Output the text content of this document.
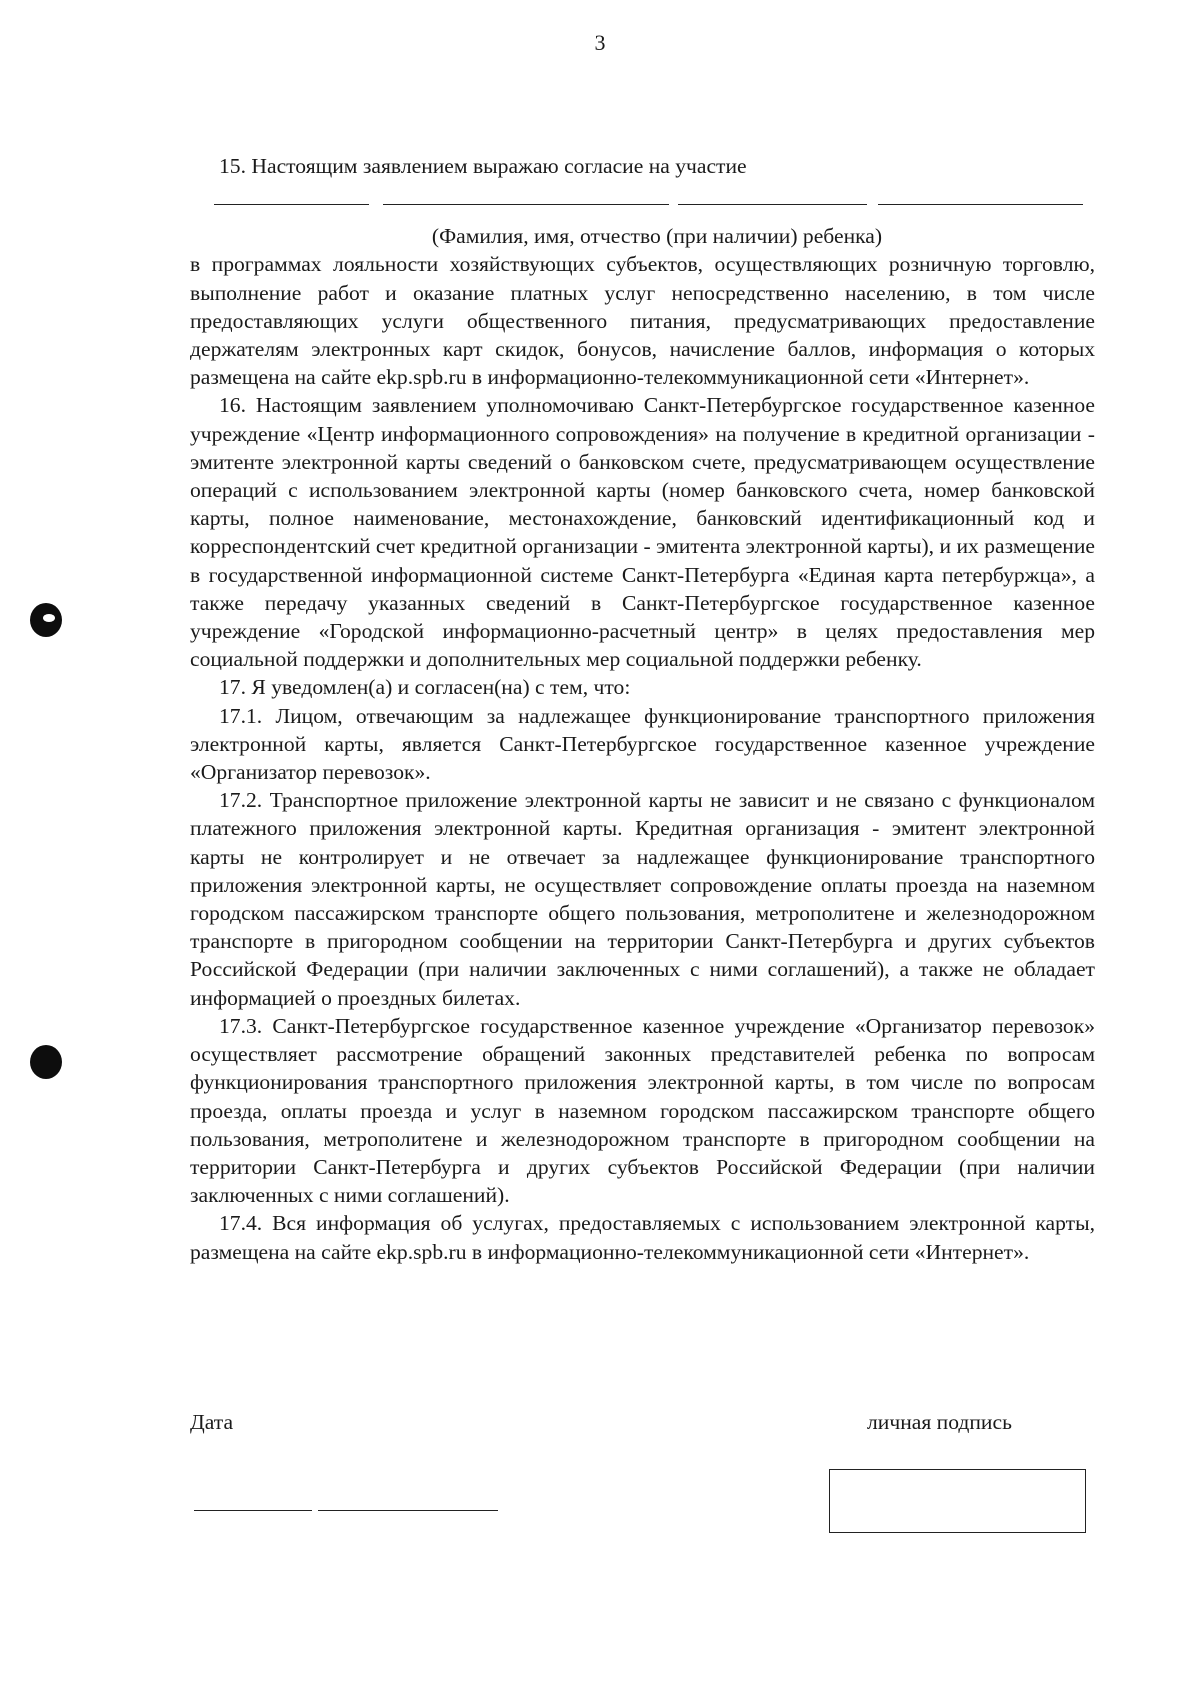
3
15. Настоящим заявлением выражаю согласие на участие

(Фамилия, имя, отчество (при наличии) ребенка)

в программах лояльности хозяйствующих субъектов, осуществляющих розничную торговлю, выполнение работ и оказание платных услуг непосредственно населению, в том числе предоставляющих услуги общественного питания, предусматривающих предоставление держателям электронных карт скидок, бонусов, начисление баллов, информация о которых размещена на сайте ekp.spb.ru в информационно-телекоммуникационной сети «Интернет».

16. Настоящим заявлением уполномочиваю Санкт-Петербургское государственное казенное учреждение «Центр информационного сопровождения» на получение в кредитной организации - эмитенте электронной карты сведений о банковском счете, предусматривающем осуществление операций с использованием электронной карты (номер банковского счета, номер банковской карты, полное наименование, местонахождение, банковский идентификационный код и корреспондентский счет кредитной организации - эмитента электронной карты), и их размещение в государственной информационной системе Санкт-Петербурга «Единая карта петербуржца», а также передачу указанных сведений в Санкт-Петербургское государственное казенное учреждение «Городской информационно-расчетный центр» в целях предоставления мер социальной поддержки и дополнительных мер социальной поддержки ребенку.

17. Я уведомлен(а) и согласен(на) с тем, что:

17.1. Лицом, отвечающим за надлежащее функционирование транспортного приложения электронной карты, является Санкт-Петербургское государственное казенное учреждение «Организатор перевозок».

17.2. Транспортное приложение электронной карты не зависит и не связано с функционалом платежного приложения электронной карты. Кредитная организация - эмитент электронной карты не контролирует и не отвечает за надлежащее функционирование транспортного приложения электронной карты, не осуществляет сопровождение оплаты проезда на наземном городском пассажирском транспорте общего пользования, метрополитене и железнодорожном транспорте в пригородном сообщении на территории Санкт-Петербурга и других субъектов Российской Федерации (при наличии заключенных с ними соглашений), а также не обладает информацией о проездных билетах.

17.3. Санкт-Петербургское государственное казенное учреждение «Организатор перевозок» осуществляет рассмотрение обращений законных представителей ребенка по вопросам функционирования транспортного приложения электронной карты, в том числе по вопросам проезда, оплаты проезда и услуг в наземном городском пассажирском транспорте общего пользования, метрополитене и железнодорожном транспорте в пригородном сообщении на территории Санкт-Петербурга и других субъектов Российской Федерации (при наличии заключенных с ними соглашений).

17.4. Вся информация об услугах, предоставляемых с использованием электронной карты, размещена на сайте ekp.spb.ru в информационно-телекоммуникационной сети «Интернет».

Дата	личная подпись
